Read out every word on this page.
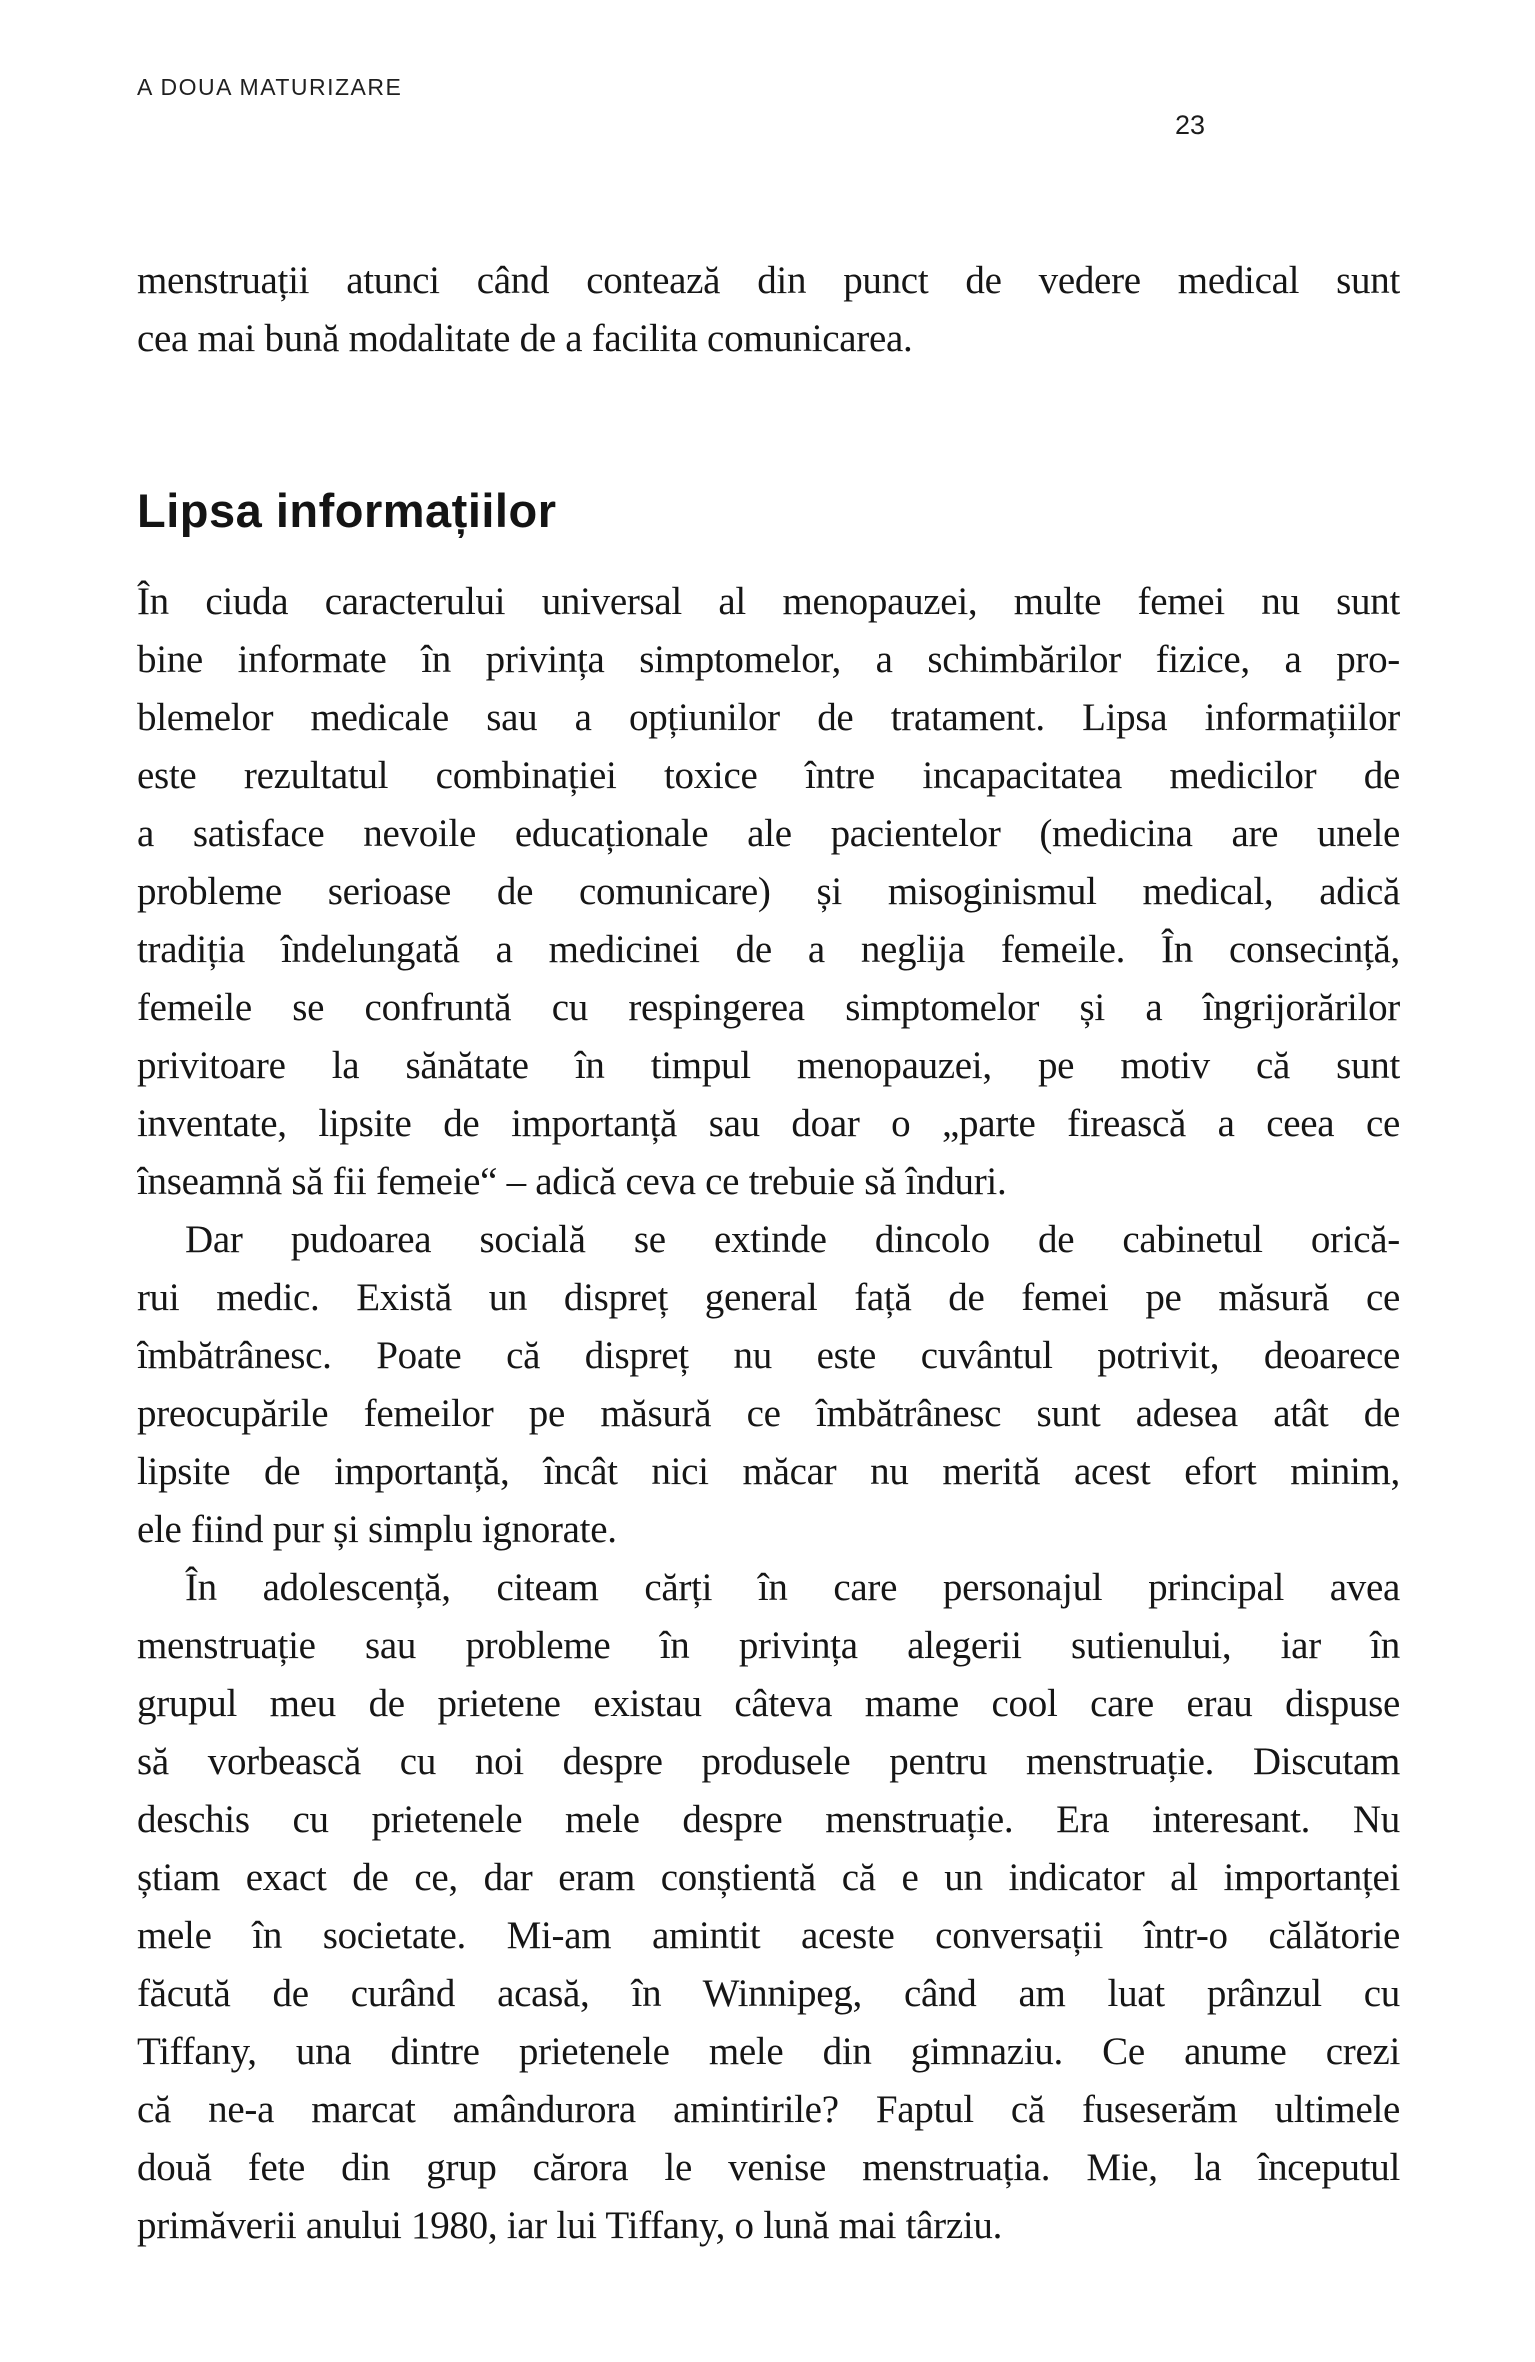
A DOUA MATURIZARE
23
menstruații atunci când contează din punct de vedere medical sunt
cea mai bună modalitate de a facilita comunicarea.
Lipsa informațiilor
În ciuda caracterului universal al menopauzei, multe femei nu sunt
bine informate în privința simptomelor, a schimbărilor fizice, a pro-
blemelor medicale sau a opțiunilor de tratament. Lipsa informațiilor
este rezultatul combinației toxice între incapacitatea medicilor de
a satisface nevoile educaționale ale pacientelor (medicina are unele
probleme serioase de comunicare) și misoginismul medical, adică
tradiția îndelungată a medicinei de a neglija femeile. În consecință,
femeile se confruntă cu respingerea simptomelor și a îngrijorărilor
privitoare la sănătate în timpul menopauzei, pe motiv că sunt
inventate, lipsite de importanță sau doar o „parte firească a ceea ce
înseamnă să fii femeie“ – adică ceva ce trebuie să înduri.
Dar pudoarea socială se extinde dincolo de cabinetul orică-
rui medic. Există un dispreț general față de femei pe măsură ce
îmbătrânesc. Poate că dispreț nu este cuvântul potrivit, deoarece
preocupările femeilor pe măsură ce îmbătrânesc sunt adesea atât de
lipsite de importanță, încât nici măcar nu merită acest efort minim,
ele fiind pur și simplu ignorate.
În adolescență, citeam cărți în care personajul principal avea
menstruație sau probleme în privința alegerii sutienului, iar în
grupul meu de prietene existau câteva mame cool care erau dispuse
să vorbească cu noi despre produsele pentru menstruație. Discutam
deschis cu prietenele mele despre menstruație. Era interesant. Nu
știam exact de ce, dar eram conștientă că e un indicator al importanței
mele în societate. Mi-am amintit aceste conversații într-o călătorie
făcută de curând acasă, în Winnipeg, când am luat prânzul cu
Tiffany, una dintre prietenele mele din gimnaziu. Ce anume crezi
că ne-a marcat amândurora amintirile? Faptul că fuseserăm ultimele
două fete din grup cărora le venise menstruația. Mie, la începutul
primăverii anului 1980, iar lui Tiffany, o lună mai târziu.
